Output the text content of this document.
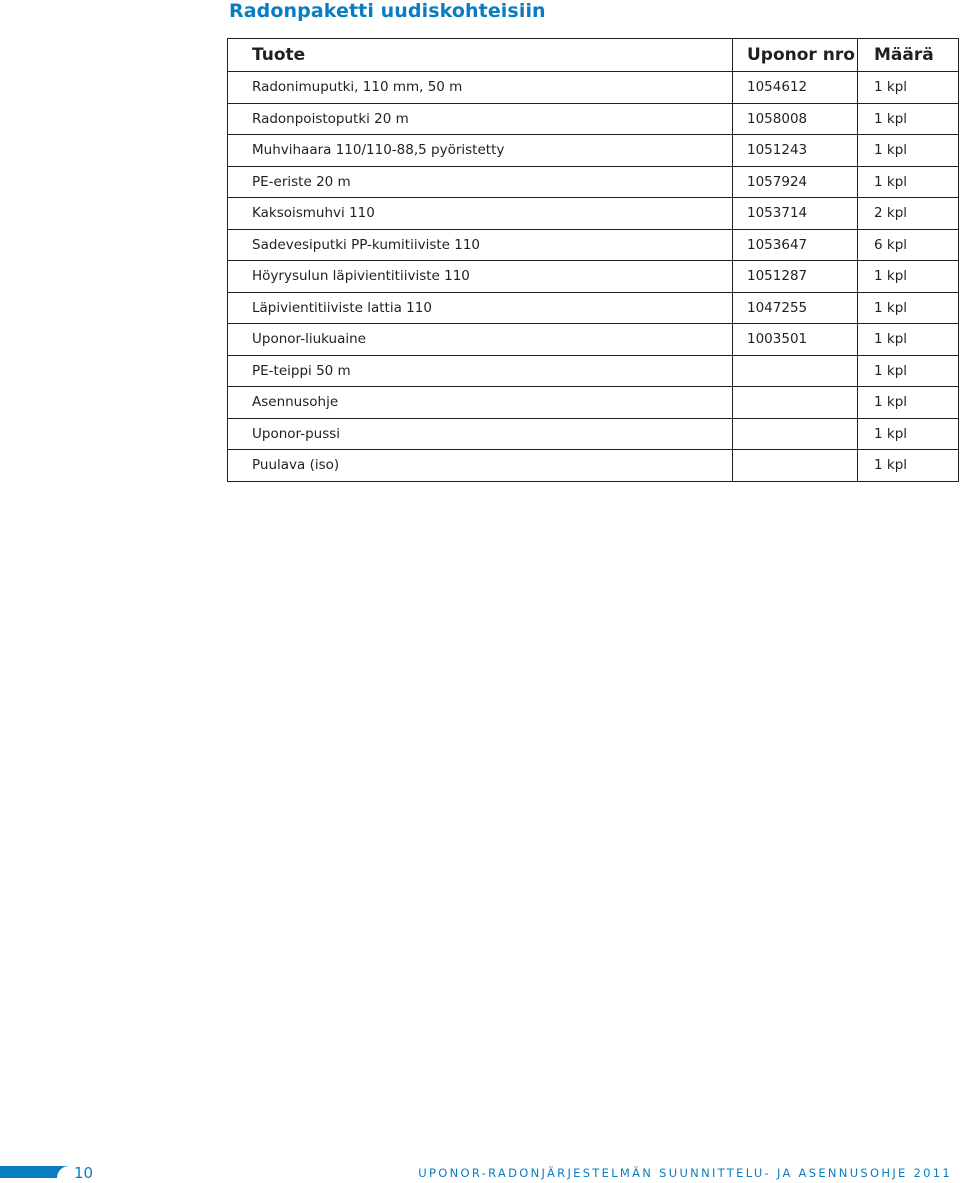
Radonpaketti uudiskohteisiin
Tuote	Uponor nro	Määrä
Radonimuputki, 110 mm, 50 m	1054612	1 kpl
Radonpoistoputki 20 m	1058008	1 kpl
Muhvihaara 110/110-88,5 pyöristetty	1051243	1 kpl
PE-eriste 20 m	1057924	1 kpl
Kaksoismuhvi 110	1053714	2 kpl
Sadevesiputki PP-kumitiiviste 110	1053647	6 kpl
Höyrysulun läpivientitiiviste 110	1051287	1 kpl
Läpivientitiiviste lattia 110	1047255	1 kpl
Uponor-liukuaine	1003501	1 kpl
PE-teippi 50 m		1 kpl
Asennusohje		1 kpl
Uponor-pussi		1 kpl
Puulava (iso)		1 kpl
10	UPONOR-RADONJÄRJESTELMÄN SUUNNITTELU- JA ASENNUSOHJE 2011
